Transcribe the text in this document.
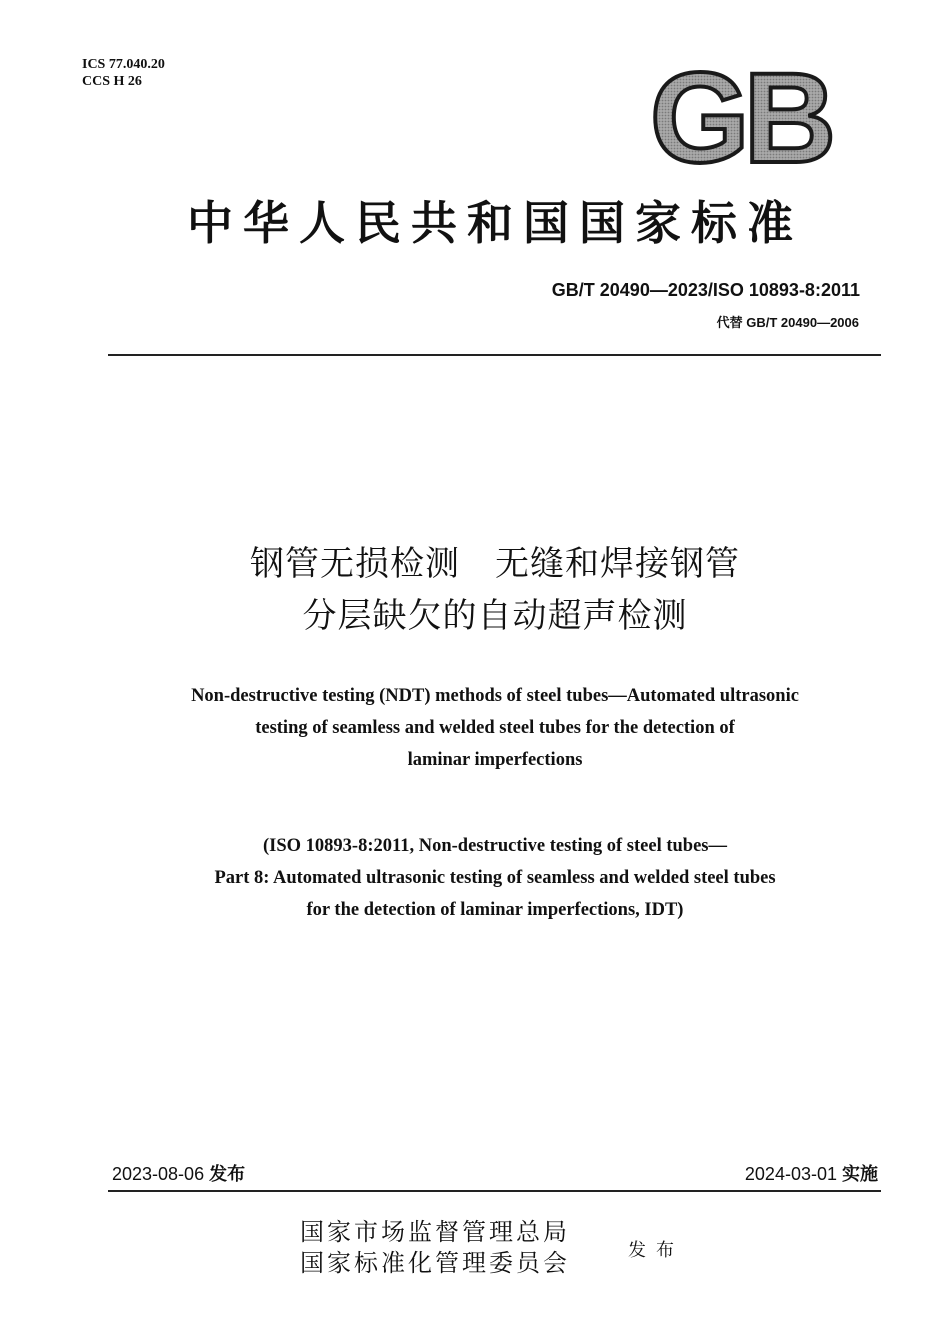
ICS 77.040.20
CCS H 26	GB
中华人民共和国国家标准
GB/T 20490—2023/ISO 10893-8:2011
代替 GB/T 20490—2006
钢管无损检测　无缝和焊接钢管
分层缺欠的自动超声检测
Non-destructive testing (NDT) methods of steel tubes—Automated ultrasonic
testing of seamless and welded steel tubes for the detection of
laminar imperfections
(ISO 10893-8:2011, Non-destructive testing of steel tubes—
Part 8: Automated ultrasonic testing of seamless and welded steel tubes
for the detection of laminar imperfections, IDT)
2023-08-06 发布	2024-03-01 实施
国家市场监督管理总局
国家标准化管理委员会	发布
